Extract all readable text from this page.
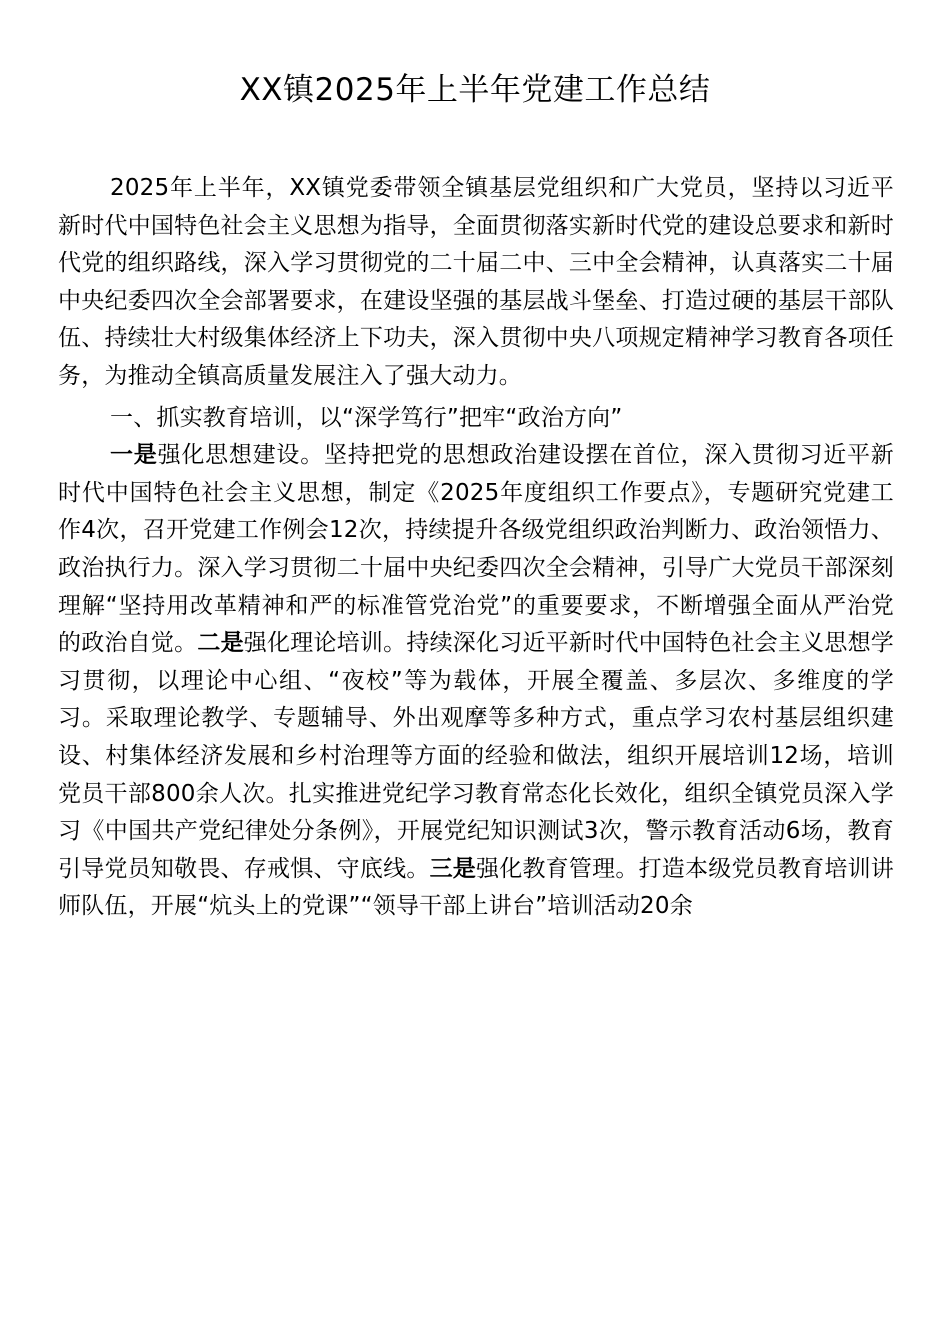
XX镇2025年上半年党建工作总结

2025年上半年，XX镇党委带领全镇基层党组织和广大党员，坚持以习近平新时代中国特色社会主义思想为指导，全面贯彻落实新时代党的建设总要求和新时代党的组织路线，深入学习贯彻党的二十届二中、三中全会精神，认真落实二十届中央纪委四次全会部署要求，在建设坚强的基层战斗堡垒、打造过硬的基层干部队伍、持续壮大村级集体经济上下功夫，深入贯彻中央八项规定精神学习教育各项任务，为推动全镇高质量发展注入了强大动力。

一、抓实教育培训，以“深学笃行”把牢“政治方向”

一是强化思想建设。坚持把党的思想政治建设摆在首位，深入贯彻习近平新时代中国特色社会主义思想，制定《2025年度组织工作要点》，专题研究党建工作4次，召开党建工作例会12次，持续提升各级党组织政治判断力、政治领悟力、政治执行力。深入学习贯彻二十届中央纪委四次全会精神，引导广大党员干部深刻理解“坚持用改革精神和严的标准管党治党”的重要要求，不断增强全面从严治党的政治自觉。二是强化理论培训。持续深化习近平新时代中国特色社会主义思想学习贯彻，以理论中心组、“夜校”等为载体，开展全覆盖、多层次、多维度的学习。采取理论教学、专题辅导、外出观摩等多种方式，重点学习农村基层组织建设、村集体经济发展和乡村治理等方面的经验和做法，组织开展培训12场，培训党员干部800余人次。扎实推进党纪学习教育常态化长效化，组织全镇党员深入学习《中国共产党纪律处分条例》，开展党纪知识测试3次，警示教育活动6场，教育引导党员知敬畏、存戒惧、守底线。三是强化教育管理。打造本级党员教育培训讲师队伍，开展“炕头上的党课”“领导干部上讲台”培训活动20余
